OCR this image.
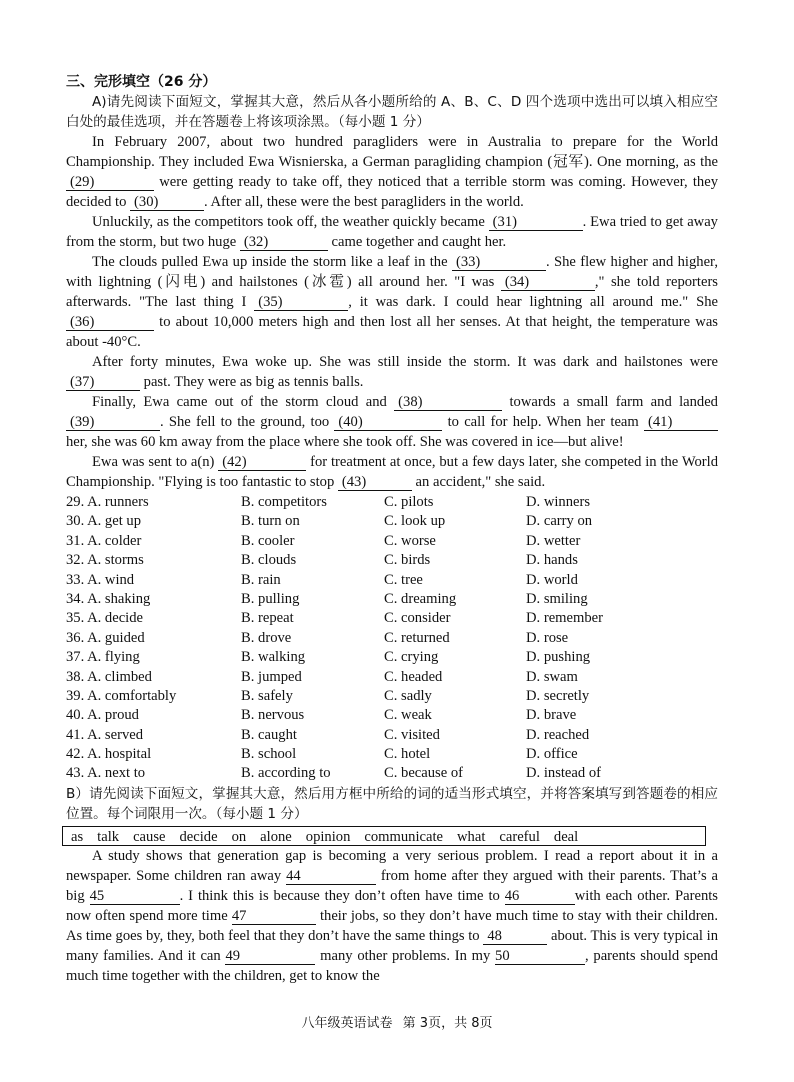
三、完形填空（26 分）

A)请先阅读下面短文，掌握其大意，然后从各小题所给的 A、B、C、D 四个选项中选出可以填入相应空白处的最佳选项，并在答题卷上将该项涂黑。（每小题 1 分）

In February 2007, about two hundred paragliders were in Australia to prepare for the World Championship. They included Ewa Wisnierska, a German paragliding champion (冠军). One morning, as the (29)	were getting ready to take off, they noticed that a terrible storm was coming. However, they decided to (30)	. After all, these were the best paragliders in the world.

Unluckily, as the competitors took off, the weather quickly became (31)	. Ewa tried to get away from the storm, but two huge (32)	came together and caught her.

The clouds pulled Ewa up inside the storm like a leaf in the (33)	. She flew higher and higher, with lightning (闪电) and hailstones (冰雹) all around her. "I was (34)	," she told reporters afterwards. "The last thing I (35)	, it was dark. I could hear lightning all around me." She (36)	to about 10,000 meters high and then lost all her senses. At that height, the temperature was about -40°C.

After forty minutes, Ewa woke up. She was still inside the storm. It was dark and hailstones were (37)	past. They were as big as tennis balls.

Finally, Ewa came out of the storm cloud and (38)	towards a small farm and landed (39)	. She fell to the ground, too (40)	to call for help. When her team (41) her, she was 60 km away from the place where she took off. She was covered in ice—but alive!

Ewa was sent to a(n) (42)	for treatment at once, but a few days later, she competed in the World Championship. "Flying is too fantastic to stop (43)	an accident," she said.

29. A. runners	B. competitors	C. pilots	D. winners
30. A. get up	B. turn on	C. look up	D. carry on
31. A. colder	B. cooler	C. worse	D. wetter
32. A. storms	B. clouds	C. birds	D. hands
33. A. wind	B. rain	C. tree	D. world
34. A. shaking	B. pulling	C. dreaming	D. smiling
35. A. decide	B. repeat	C. consider	D. remember
36. A. guided	B. drove	C. returned	D. rose
37. A. flying	B. walking	C. crying	D. pushing
38. A. climbed	B. jumped	C. headed	D. swam
39. A. comfortably	B. safely	C. sadly	D. secretly
40. A. proud	B. nervous	C. weak	D. brave
41. A. served	B. caught	C. visited	D. reached
42. A. hospital	B. school	C. hotel	D. office
43. A. next to	B. according to	C. because of	D. instead of

B）请先阅读下面短文，掌握其大意，然后用方框中所给的词的适当形式填空，并将答案填写到答题卷的相应位置。每个词限用一次。（每小题 1 分）

as talk cause decide on alone opinion communicate what careful deal

A study shows that generation gap is becoming a very serious problem. I read a report about it in a newspaper. Some children ran away 44	from home after they argued with their parents. That’s a big 45	. I think this is because they don’t often have time to 46	with each other. Parents now often spend more time 47	their jobs, so they don’t have much time to stay with their children. As time goes by, they, both feel that they don’t have the same things to 48	about. This is very typical in many families. And it can 49	many other problems. In my 50	, parents should spend much time together with the children, get to know the

八年级英语试卷 第 3页，共 8页
